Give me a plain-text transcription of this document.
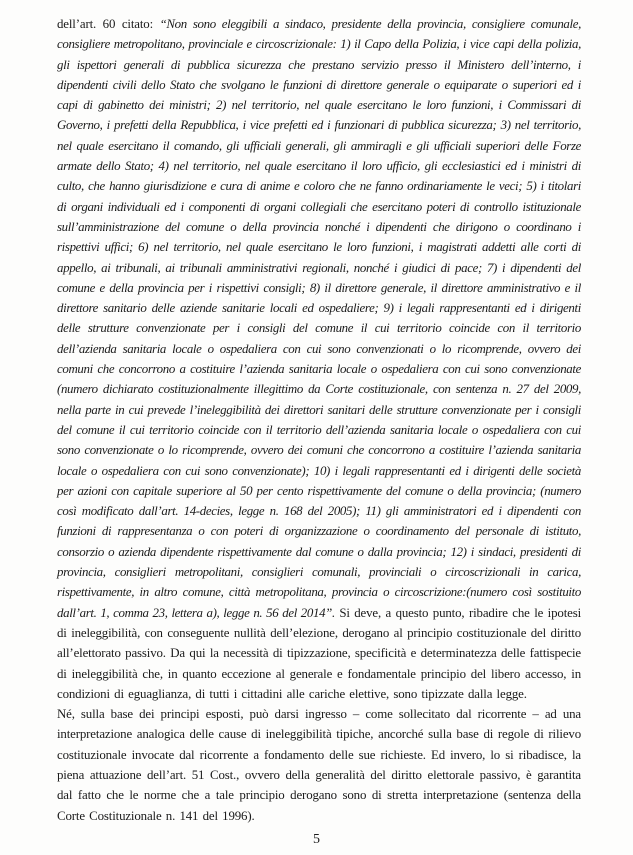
dell’art. 60 citato: “Non sono eleggibili a sindaco, presidente della provincia, consigliere comunale, consigliere metropolitano, provinciale e circoscrizionale: 1) il Capo della Polizia, i vice capi della polizia, gli ispettori generali di pubblica sicurezza che prestano servizio presso il Ministero dell’interno, i dipendenti civili dello Stato che svolgano le funzioni di direttore generale o equiparate o superiori ed i capi di gabinetto dei ministri; 2) nel territorio, nel quale esercitano le loro funzioni, i Commissari di Governo, i prefetti della Repubblica, i vice prefetti ed i funzionari di pubblica sicurezza; 3) nel territorio, nel quale esercitano il comando, gli ufficiali generali, gli ammiragli e gli ufficiali superiori delle Forze armate dello Stato; 4) nel territorio, nel quale esercitano il loro ufficio, gli ecclesiastici ed i ministri di culto, che hanno giurisdizione e cura di anime e coloro che ne fanno ordinariamente le veci; 5) i titolari di organi individuali ed i componenti di organi collegiali che esercitano poteri di controllo istituzionale sull’amministrazione del comune o della provincia nonché i dipendenti che dirigono o coordinano i rispettivi uffici; 6) nel territorio, nel quale esercitano le loro funzioni, i magistrati addetti alle corti di appello, ai tribunali, ai tribunali amministrativi regionali, nonché i giudici di pace; 7) i dipendenti del comune e della provincia per i rispettivi consigli; 8) il direttore generale, il direttore amministrativo e il direttore sanitario delle aziende sanitarie locali ed ospedaliere; 9) i legali rappresentanti ed i dirigenti delle strutture convenzionate per i consigli del comune il cui territorio coincide con il territorio dell’azienda sanitaria locale o ospedaliera con cui sono convenzionati o lo ricomprende, ovvero dei comuni che concorrono a costituire l’azienda sanitaria locale o ospedaliera con cui sono convenzionate (numero dichiarato costituzionalmente illegittimo da Corte costituzionale, con sentenza n. 27 del 2009, nella parte in cui prevede l’ineleggibilità dei direttori sanitari delle strutture convenzionate per i consigli del comune il cui territorio coincide con il territorio dell’azienda sanitaria locale o ospedaliera con cui sono convenzionate o lo ricomprende, ovvero dei comuni che concorrono a costituire l’azienda sanitaria locale o ospedaliera con cui sono convenzionate); 10) i legali rappresentanti ed i dirigenti delle società per azioni con capitale superiore al 50 per cento rispettivamente del comune o della provincia; (numero così modificato dall’art. 14-decies, legge n. 168 del 2005); 11) gli amministratori ed i dipendenti con funzioni di rappresentanza o con poteri di organizzazione o coordinamento del personale di istituto, consorzio o azienda dipendente rispettivamente dal comune o dalla provincia; 12) i sindaci, presidenti di provincia, consiglieri metropolitani, consiglieri comunali, provinciali o circoscrizionali in carica, rispettivamente, in altro comune, città metropolitana, provincia o circoscrizione:(numero così sostituito dall’art. 1, comma 23, lettera a), legge n. 56 del 2014”. Si deve, a questo punto, ribadire che le ipotesi di ineleggibilità, con conseguente nullità dell’elezione, derogano al principio costituzionale del diritto all’elettorato passivo. Da qui la necessità di tipizzazione, specificità e determinatezza delle fattispecie di ineleggibilità che, in quanto eccezione al generale e fondamentale principio del libero accesso, in condizioni di eguaglianza, di tutti i cittadini alle cariche elettive, sono tipizzate dalla legge.

Né, sulla base dei principi esposti, può darsi ingresso – come sollecitato dal ricorrente – ad una interpretazione analogica delle cause di ineleggibilità tipiche, ancorché sulla base di regole di rilievo costituzionale invocate dal ricorrente a fondamento delle sue richieste. Ed invero, lo si ribadisce, la piena attuazione dell’art. 51 Cost., ovvero della generalità del diritto elettorale passivo, è garantita dal fatto che le norme che a tale principio derogano sono di stretta interpretazione (sentenza della Corte Costituzionale n. 141 del 1996).

5
